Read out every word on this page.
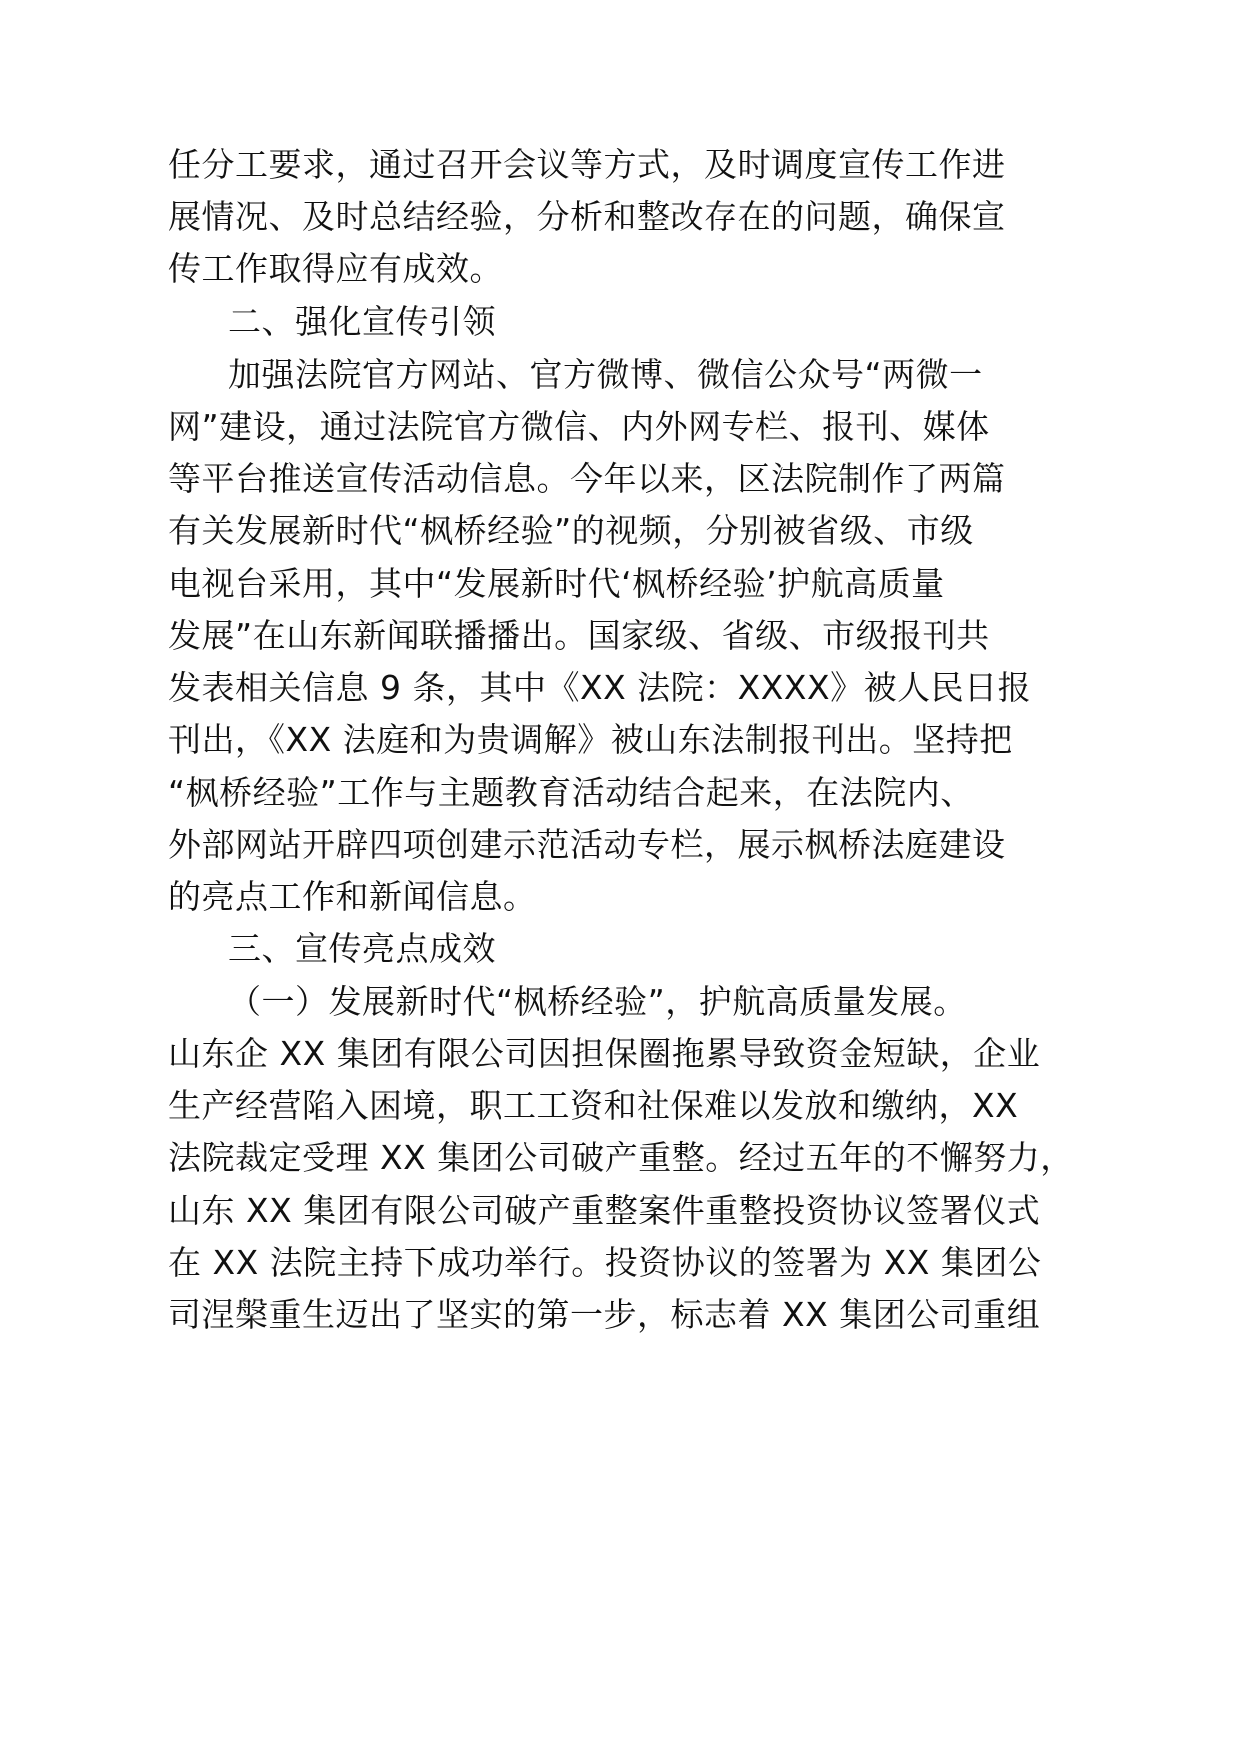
任分工要求，通过召开会议等方式，及时调度宣传工作进
展情况、及时总结经验，分析和整改存在的问题，确保宣
传工作取得应有成效。
二、强化宣传引领
加强法院官方网站、官方微博、微信公众号“两微一
网”建设，通过法院官方微信、内外网专栏、报刊、媒体
等平台推送宣传活动信息。今年以来，区法院制作了两篇
有关发展新时代“枫桥经验”的视频，分别被省级、市级
电视台采用，其中“发展新时代‘枫桥经验’护航高质量
发展”在山东新闻联播播出。国家级、省级、市级报刊共
发表相关信息 9 条，其中《XX 法院：XXXX》被人民日报
刊出，《XX 法庭和为贵调解》被山东法制报刊出。坚持把
“枫桥经验”工作与主题教育活动结合起来，在法院内、
外部网站开辟四项创建示范活动专栏，展示枫桥法庭建设
的亮点工作和新闻信息。
三、宣传亮点成效
（一）发展新时代“枫桥经验”，护航高质量发展。
山东企 XX 集团有限公司因担保圈拖累导致资金短缺，企业
生产经营陷入困境，职工工资和社保难以发放和缴纳，XX
法院裁定受理 XX 集团公司破产重整。经过五年的不懈努力，
山东 XX 集团有限公司破产重整案件重整投资协议签署仪式
在 XX 法院主持下成功举行。投资协议的签署为 XX 集团公
司涅槃重生迈出了坚实的第一步，标志着 XX 集团公司重组
